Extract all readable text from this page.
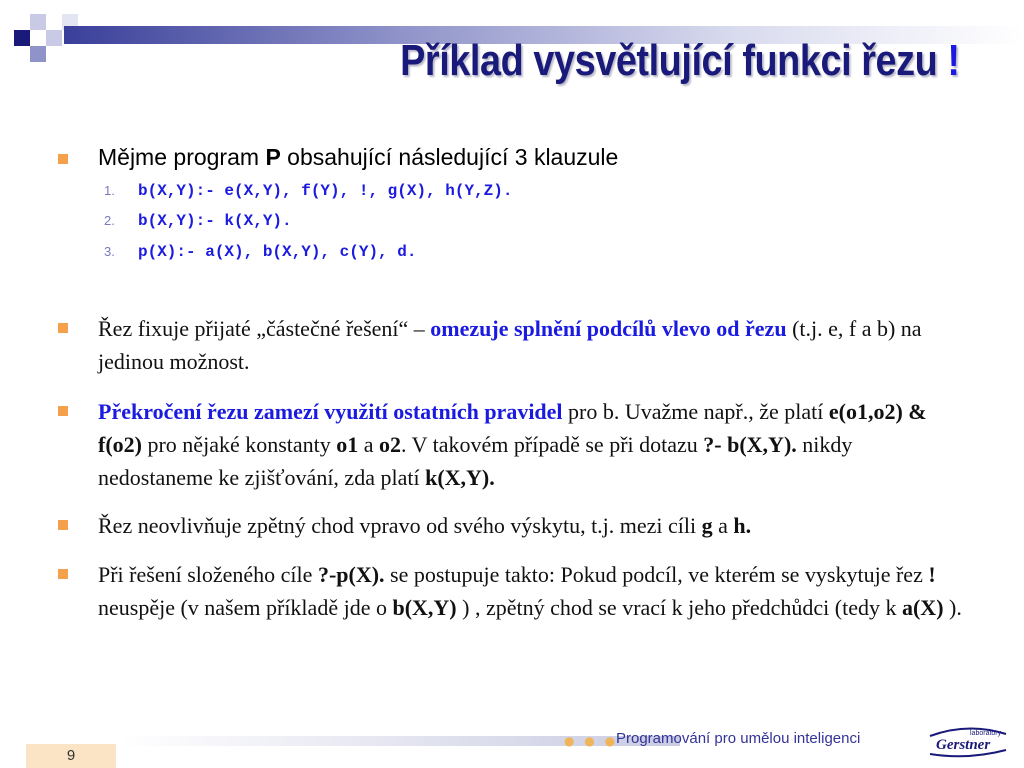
Příklad vysvětlující funkci řezu !
Mějme program P obsahující následující 3 klauzule
1. b(X,Y):- e(X,Y), f(Y), !, g(X), h(Y,Z).
2. b(X,Y):- k(X,Y).
3. p(X):- a(X), b(X,Y), c(Y), d.
Řez fixuje přijaté „částečné řešení“ – omezuje splnění podcílů vlevo od řezu (t.j. e, f a b) na jedinou možnost.
Překročení řezu zamezí využití ostatních pravidel pro b. Uvažme např., že platí e(o1,o2) & f(o2) pro nějaké konstanty o1 a o2. V takovém případě se při dotazu ?- b(X,Y). nikdy nedostaneme ke zjišťování, zda platí k(X,Y).
Řez neovlivňuje zpětný chod vpravo od svého výskytu, t.j. mezi cíli g a h.
Při řešení složeného cíle ?-p(X). se postupuje takto: Pokud podcíl, ve kterém se vyskytuje řez ! neuspěje (v našem příkladě jde o b(X,Y) ) , zpětný chod se vrací k jeho předchůdci (tedy k a(X) ).
● ● ●
Programování pro umělou inteligenci
9
laboratory
Gerstner
